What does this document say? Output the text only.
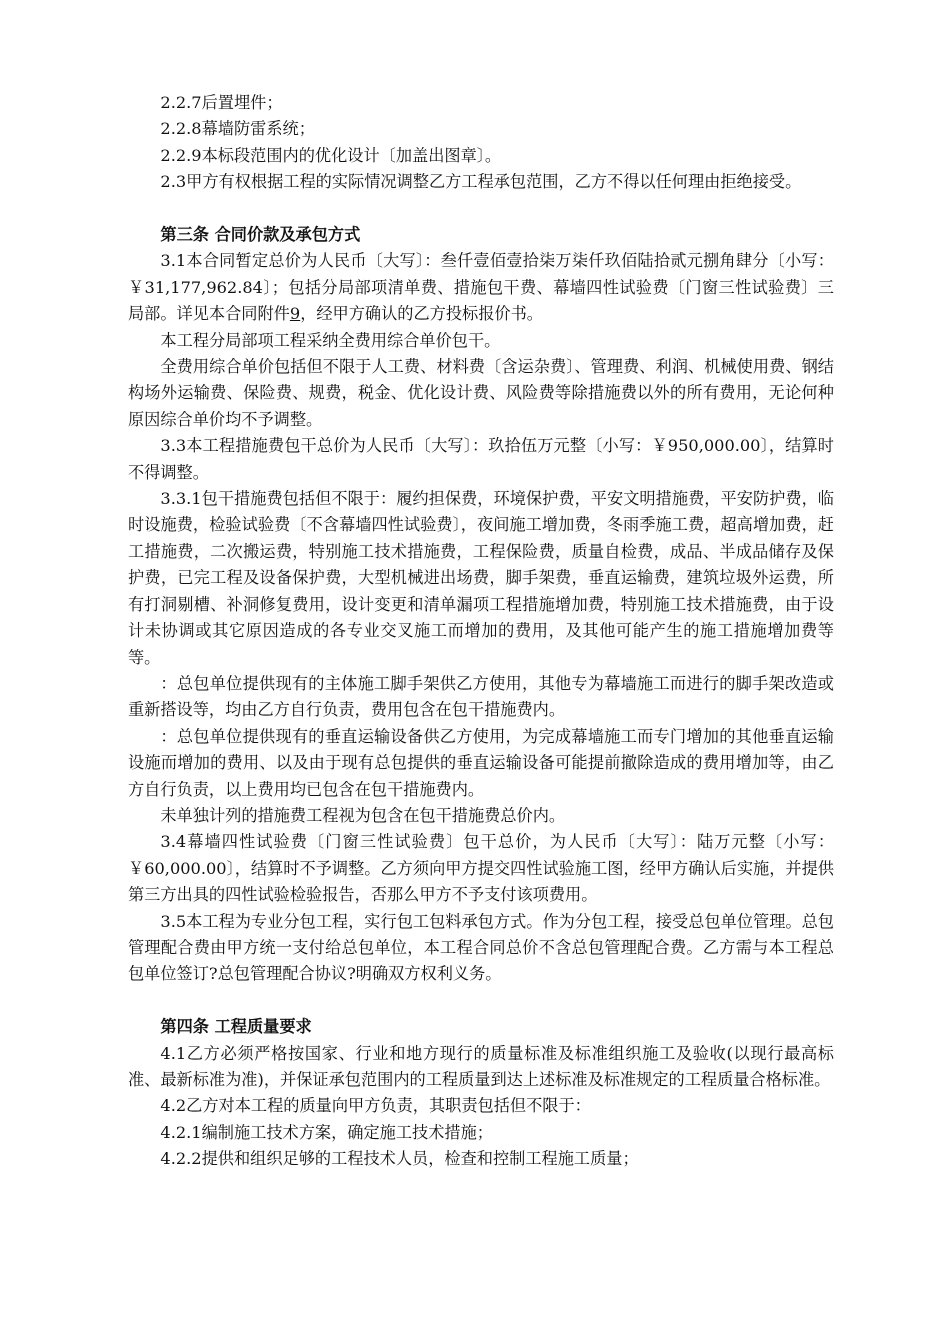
2.2.7后置埋件；

2.2.8幕墙防雷系统；

2.2.9本标段范围内的优化设计〔加盖出图章〕。

2.3甲方有权根据工程的实际情况调整乙方工程承包范围，乙方不得以任何理由拒绝接受。

第三条 合同价款及承包方式

3.1本合同暂定总价为人民币〔大写〕：叁仟壹佰壹拾柒万柒仟玖佰陆拾贰元捌角肆分〔小写：￥31,177,962.84〕；包括分局部项清单费、措施包干费、幕墙四性试验费〔门窗三性试验费〕三局部。详见本合同附件9，经甲方确认的乙方投标报价书。

本工程分局部项工程采纳全费用综合单价包干。

全费用综合单价包括但不限于人工费、材料费〔含运杂费〕、管理费、利润、机械使用费、钢结构场外运输费、保险费、规费，税金、优化设计费、风险费等除措施费以外的所有费用，无论何种原因综合单价均不予调整。

3.3本工程措施费包干总价为人民币〔大写〕：玖拾伍万元整〔小写：￥950,000.00〕，结算时不得调整。

3.3.1包干措施费包括但不限于：履约担保费，环境保护费，平安文明措施费，平安防护费，临时设施费，检验试验费〔不含幕墙四性试验费〕，夜间施工增加费，冬雨季施工费，超高增加费，赶工措施费，二次搬运费，特别施工技术措施费，工程保险费，质量自检费，成品、半成品储存及保护费，已完工程及设备保护费，大型机械进出场费，脚手架费，垂直运输费，建筑垃圾外运费，所有打洞剔槽、补洞修复费用，设计变更和清单漏项工程措施增加费，特别施工技术措施费，由于设计未协调或其它原因造成的各专业交叉施工而增加的费用，及其他可能产生的施工措施增加费等等。

：总包单位提供现有的主体施工脚手架供乙方使用，其他专为幕墙施工而进行的脚手架改造或重新搭设等，均由乙方自行负责，费用包含在包干措施费内。

：总包单位提供现有的垂直运输设备供乙方使用，为完成幕墙施工而专门增加的其他垂直运输设施而增加的费用、以及由于现有总包提供的垂直运输设备可能提前撤除造成的费用增加等，由乙方自行负责，以上费用均已包含在包干措施费内。

未单独计列的措施费工程视为包含在包干措施费总价内。

3.4幕墙四性试验费〔门窗三性试验费〕包干总价，为人民币〔大写〕：陆万元整〔小写：￥60,000.00〕，结算时不予调整。乙方须向甲方提交四性试验施工图，经甲方确认后实施，并提供第三方出具的四性试验检验报告，否那么甲方不予支付该项费用。

3.5本工程为专业分包工程，实行包工包料承包方式。作为分包工程，接受总包单位管理。总包管理配合费由甲方统一支付给总包单位，本工程合同总价不含总包管理配合费。乙方需与本工程总包单位签订?总包管理配合协议?明确双方权利义务。

第四条 工程质量要求

4.1乙方必须严格按国家、行业和地方现行的质量标准及标准组织施工及验收(以现行最高标准、最新标准为准)，并保证承包范围内的工程质量到达上述标准及标准规定的工程质量合格标准。

4.2乙方对本工程的质量向甲方负责，其职责包括但不限于：

4.2.1编制施工技术方案，确定施工技术措施；

4.2.2提供和组织足够的工程技术人员，检查和控制工程施工质量；
